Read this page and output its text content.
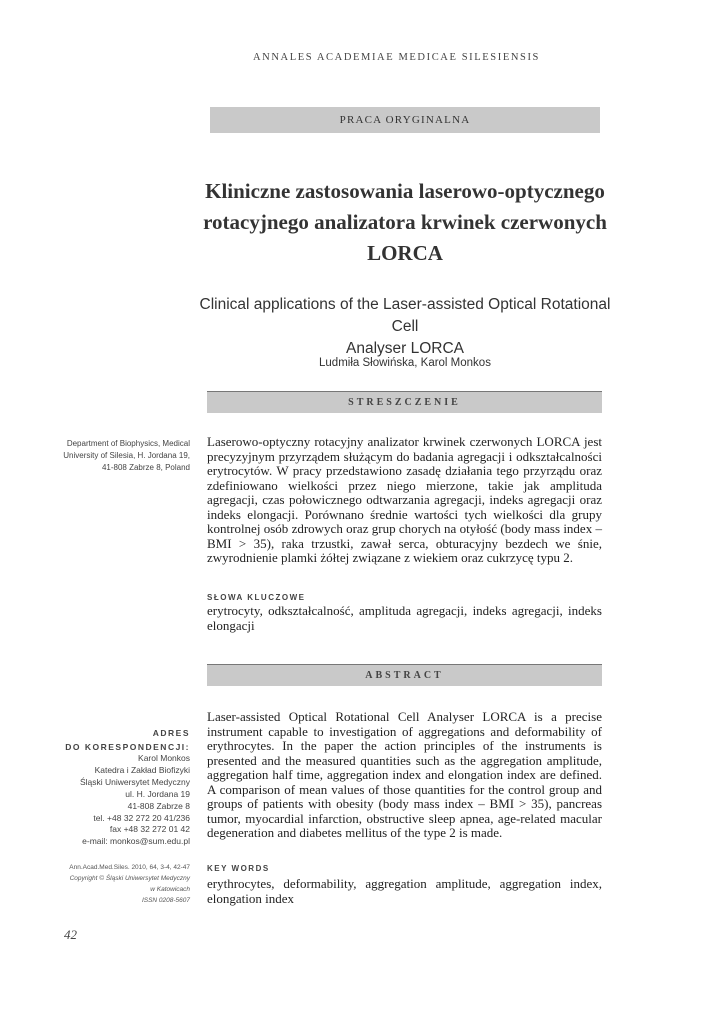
ANNALES ACADEMIAE MEDICAE SILESIENSIS
PRACA ORYGINALNA
Kliniczne zastosowania laserowo-optycznego
rotacyjnego analizatora krwinek czerwonych
LORCA
Clinical applications of the Laser-assisted Optical Rotational Cell
Analyser LORCA
Ludmiła Słowińska, Karol Monkos
STRESZCZENIE
Department of Biophysics, Medical
University of Silesia, H. Jordana 19,
41-808 Zabrze 8, Poland
Laserowo-optyczny rotacyjny analizator krwinek czerwonych LORCA jest precyzyjnym przyrządem służącym do badania agregacji i odkształcalności erytrocytów. W pracy przedstawiono zasadę działania tego przyrządu oraz zdefiniowano wielkości przez niego mierzone, takie jak amplituda agregacji, czas połowicznego odtwarzania agregacji, indeks agregacji oraz indeks elongacji. Porównano średnie wartości tych wielkości dla grupy kontrolnej osób zdrowych oraz grup chorych na otyłość (body mass index – BMI > 35), raka trzustki, zawał serca, obturacyjny bezdech we śnie, zwyrodnienie plamki żółtej związane z wiekiem oraz cukrzycę typu 2.
SŁOWA KLUCZOWE
erytrocyty, odkształcalność, amplituda agregacji, indeks agregacji, indeks elongacji
ABSTRACT
ADRES
DO KORESPONDENCJI:
Karol Monkos
Katedra i Zakład Biofizyki
Śląski Uniwersytet Medyczny
ul. H. Jordana 19
41-808 Zabrze 8
tel. +48 32 272 20 41/236
fax +48 32 272 01 42
e-mail: monkos@sum.edu.pl
Laser-assisted Optical Rotational Cell Analyser LORCA is a precise instrument capable to investigation of aggregations and deformability of erythrocytes. In the paper the action principles of the instruments is presented and the measured quantities such as the aggregation amplitude, aggregation half time, aggregation index and elongation index are defined. A comparison of mean values of those quantities for the control group and groups of patients with obesity (body mass index – BMI > 35), pancreas tumor, myocardial infarction, obstructive sleep apnea, age-related macular degeneration and diabetes mellitus of the type 2 is made.
Ann.Acad.Med.Siles. 2010, 64, 3-4, 42-47
Copyright © Śląski Uniwersytet Medyczny
w Katowicach
ISSN 0208-5607
KEY WORDS
erythrocytes, deformability, aggregation amplitude, aggregation index, elongation index
42
